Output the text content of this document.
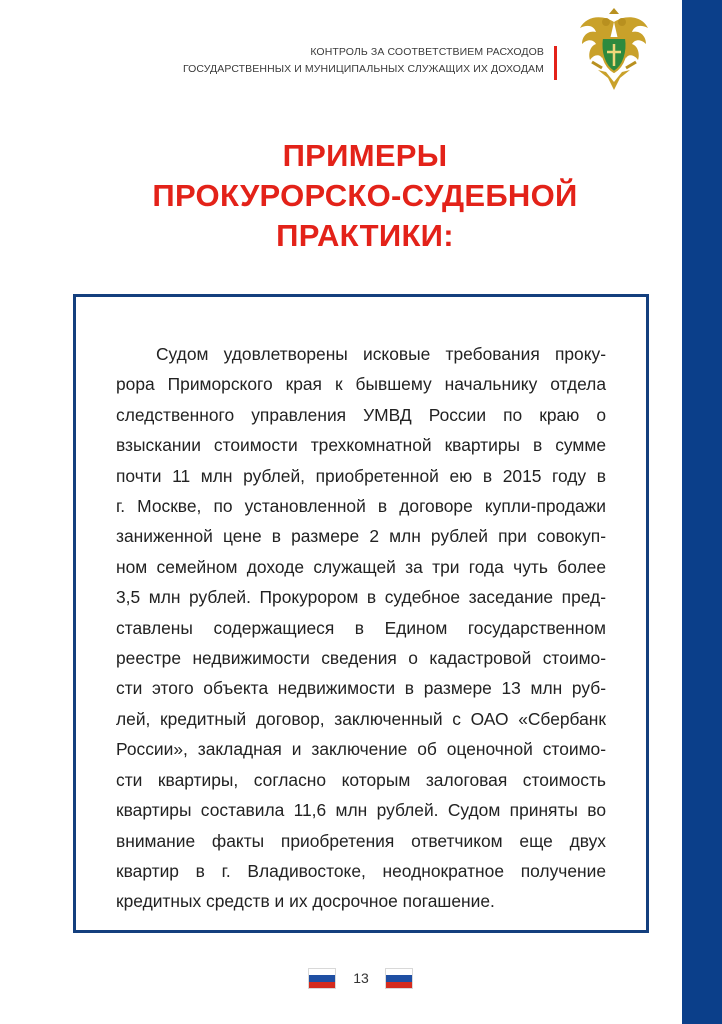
КОНТРОЛЬ ЗА СООТВЕТСТВИЕМ РАСХОДОВ
ГОСУДАРСТВЕННЫХ И МУНИЦИПАЛЬНЫХ СЛУЖАЩИХ ИХ ДОХОДАМ
ПРИМЕРЫ
ПРОКУРОРСКО-СУДЕБНОЙ
ПРАКТИКИ:
Судом удовлетворены исковые требования проку-
рора Приморского края к бывшему начальнику отдела
следственного управления УМВД России по краю о
взыскании стоимости трехкомнатной квартиры в сумме
почти 11 млн рублей, приобретенной ею в 2015 году в
г. Москве, по установленной в договоре купли-продажи
заниженной цене в размере 2 млн рублей при совокуп-
ном семейном доходе служащей за три года чуть более
3,5 млн рублей. Прокурором в судебное заседание пред-
ставлены содержащиеся в Едином государственном
реестре недвижимости сведения о кадастровой стоимо-
сти этого объекта недвижимости в размере 13 млн руб-
лей, кредитный договор, заключенный с ОАО «Сбербанк
России», закладная и заключение об оценочной стоимо-
сти квартиры, согласно которым залоговая стоимость
квартиры составила 11,6 млн рублей. Судом приняты во
внимание факты приобретения ответчиком еще двух
квартир в г. Владивостоке, неоднократное получение
кредитных средств и их досрочное погашение.
13
